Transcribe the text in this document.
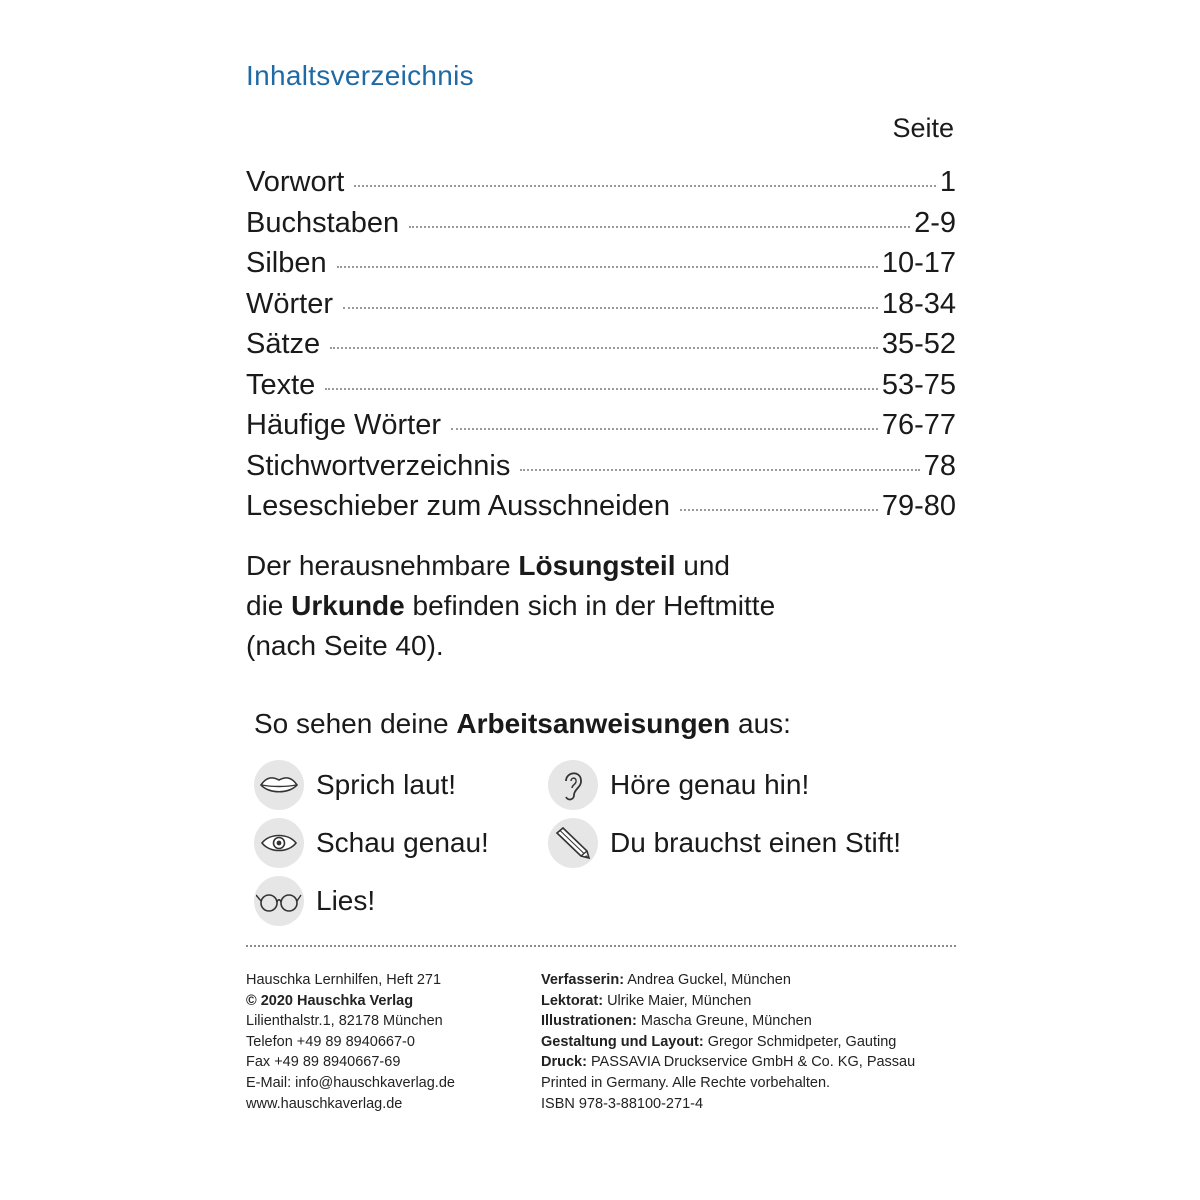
Inhaltsverzeichnis
Seite
Vorwort	1
Buchstaben	2-9
Silben	10-17
Wörter	18-34
Sätze	35-52
Texte	53-75
Häufige Wörter	76-77
Stichwortverzeichnis	78
Leseschieber zum Ausschneiden	79-80
Der herausnehmbare Lösungsteil und
die Urkunde befinden sich in der Heftmitte
(nach Seite 40).
So sehen deine Arbeitsanweisungen aus:
Sprich laut!	Höre genau hin!
Schau genau!	Du brauchst einen Stift!
Lies!
Hauschka Lernhilfen, Heft 271
© 2020 Hauschka Verlag
Lilienthalstr.1, 82178 München
Telefon +49 89 8940667-0
Fax +49 89 8940667-69
E-Mail: info@hauschkaverlag.de
www.hauschkaverlag.de
Verfasserin: Andrea Guckel, München
Lektorat: Ulrike Maier, München
Illustrationen: Mascha Greune, München
Gestaltung und Layout: Gregor Schmidpeter, Gauting
Druck: PASSAVIA Druckservice GmbH & Co. KG, Passau
Printed in Germany. Alle Rechte vorbehalten.
ISBN 978-3-88100-271-4
